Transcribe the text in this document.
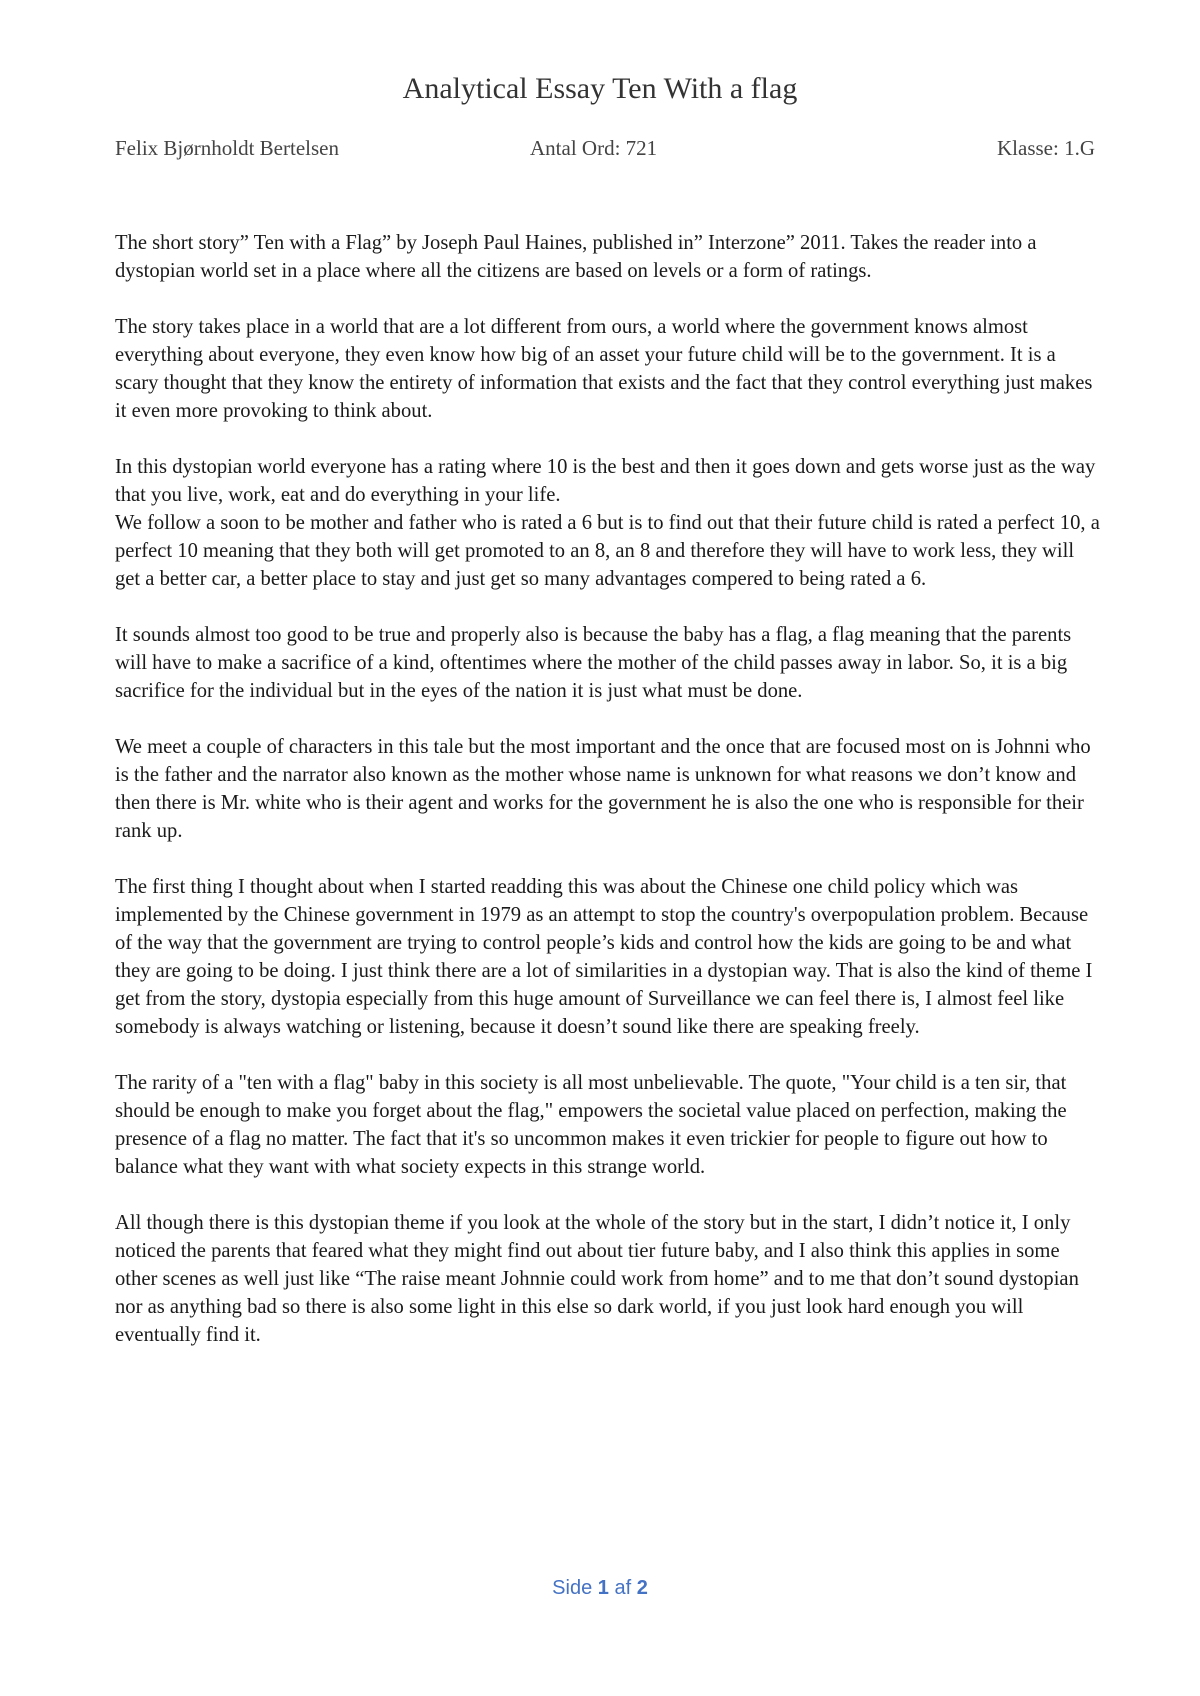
Analytical Essay Ten With a flag
Felix Bjørnholdt Bertelsen	Antal Ord: 721	Klasse: 1.G

The short story” Ten with a Flag” by Joseph Paul Haines, published in” Interzone” 2011. Takes the reader into a dystopian world set in a place where all the citizens are based on levels or a form of ratings.

The story takes place in a world that are a lot different from ours, a world where the government knows almost everything about everyone, they even know how big of an asset your future child will be to the government. It is a scary thought that they know the entirety of information that exists and the fact that they control everything just makes it even more provoking to think about.

In this dystopian world everyone has a rating where 10 is the best and then it goes down and gets worse just as the way that you live, work, eat and do everything in your life.

We follow a soon to be mother and father who is rated a 6 but is to find out that their future child is rated a perfect 10, a perfect 10 meaning that they both will get promoted to an 8, an 8 and therefore they will have to work less, they will get a better car, a better place to stay and just get so many advantages compered to being rated a 6.

It sounds almost too good to be true and properly also is because the baby has a flag, a flag meaning that the parents will have to make a sacrifice of a kind, oftentimes where the mother of the child passes away in labor. So, it is a big sacrifice for the individual but in the eyes of the nation it is just what must be done.

We meet a couple of characters in this tale but the most important and the once that are focused most on is Johnni who is the father and the narrator also known as the mother whose name is unknown for what reasons we don’t know and then there is Mr. white who is their agent and works for the government he is also the one who is responsible for their rank up.

The first thing I thought about when I started readding this was about the Chinese one child policy which was implemented by the Chinese government in 1979 as an attempt to stop the country's overpopulation problem. Because of the way that the government are trying to control people’s kids and control how the kids are going to be and what they are going to be doing. I just think there are a lot of similarities in a dystopian way. That is also the kind of theme I get from the story, dystopia especially from this huge amount of Surveillance we can feel there is, I almost feel like somebody is always watching or listening, because it doesn’t sound like there are speaking freely.

The rarity of a "ten with a flag" baby in this society is all most unbelievable. The quote, "Your child is a ten sir, that should be enough to make you forget about the flag," empowers the societal value placed on perfection, making the presence of a flag no matter. The fact that it's so uncommon makes it even trickier for people to figure out how to balance what they want with what society expects in this strange world.

All though there is this dystopian theme if you look at the whole of the story but in the start, I didn’t notice it, I only noticed the parents that feared what they might find out about tier future baby, and I also think this applies in some other scenes as well just like “The raise meant Johnnie could work from home” and to me that don’t sound dystopian nor as anything bad so there is also some light in this else so dark world, if you just look hard enough you will eventually find it.

Side 1 af 2
